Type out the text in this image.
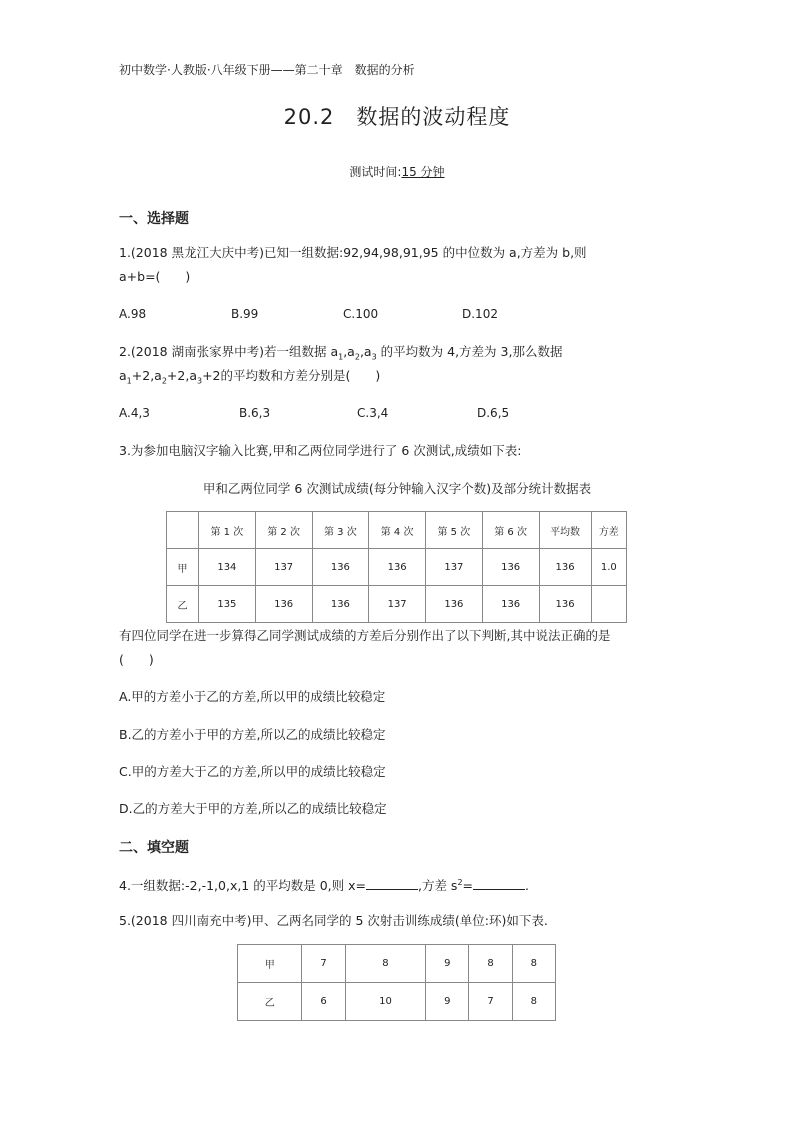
初中数学·人教版·八年级下册——第二十章　数据的分析
20.2　数据的波动程度
测试时间:15 分钟
一、选择题
1.(2018 黑龙江大庆中考)已知一组数据:92,94,98,91,95 的中位数为 a,方差为 b,则
a+b=(　　)
A.98	B.99	C.100	D.102
2.(2018 湖南张家界中考)若一组数据 $a_1,a_2,a_3$ 的平均数为 4,方差为 3,那么数据
$a_1+2,a_2+2,a_3+2$的平均数和方差分别是(　　)
A.4,3	B.6,3	C.3,4	D.6,5
3.为参加电脑汉字输入比赛,甲和乙两位同学进行了 6 次测试,成绩如下表:
甲和乙两位同学 6 次测试成绩(每分钟输入汉字个数)及部分统计数据表
	第 1 次	第 2 次	第 3 次	第 4 次	第 5 次	第 6 次	平均数	方差
甲	134	137	136	136	137	136	136	1.0
乙	135	136	136	137	136	136	136	
有四位同学在进一步算得乙同学测试成绩的方差后分别作出了以下判断,其中说法正确的是
(　　)
A.甲的方差小于乙的方差,所以甲的成绩比较稳定
B.乙的方差小于甲的方差,所以乙的成绩比较稳定
C.甲的方差大于乙的方差,所以甲的成绩比较稳定
D.乙的方差大于甲的方差,所以乙的成绩比较稳定
二、填空题
4.一组数据:-2,-1,0,x,1 的平均数是 0,则 x=	,方差 $s^2=$	.
5.(2018 四川南充中考)甲、乙两名同学的 5 次射击训练成绩(单位:环)如下表.
甲	7	8	9	8	8
乙	6	10	9	7	8
